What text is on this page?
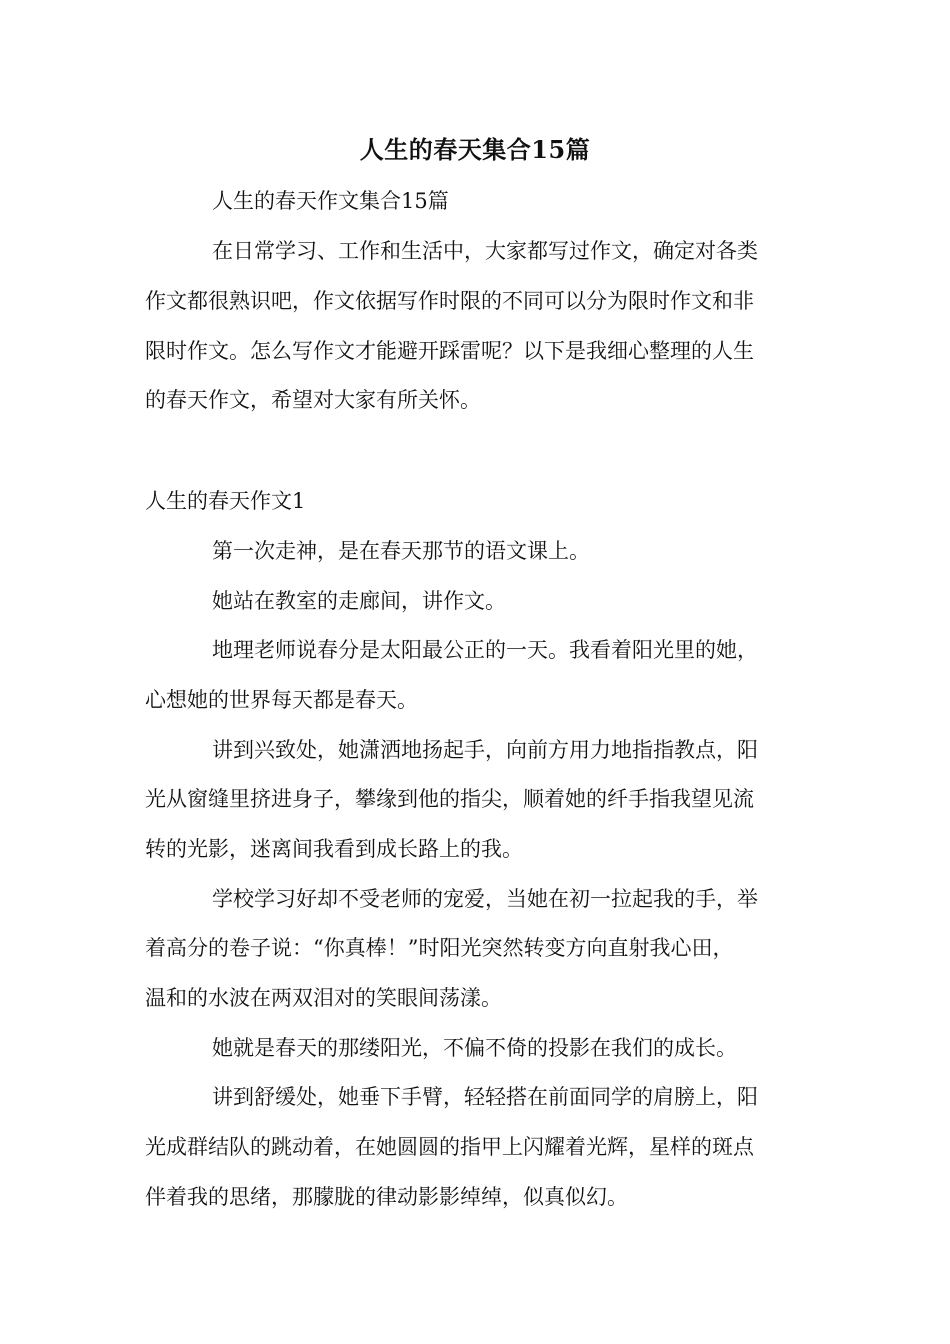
人生的春天集合15篇
人生的春天作文集合15篇
在日常学习、工作和生活中，大家都写过作文，确定对各类
作文都很熟识吧，作文依据写作时限的不同可以分为限时作文和非
限时作文。怎么写作文才能避开踩雷呢？以下是我细心整理的人生
的春天作文，希望对大家有所关怀。
人生的春天作文1
第一次走神，是在春天那节的语文课上。
她站在教室的走廊间，讲作文。
地理老师说春分是太阳最公正的一天。我看着阳光里的她，
心想她的世界每天都是春天。
讲到兴致处，她潇洒地扬起手，向前方用力地指指教点，阳
光从窗缝里挤进身子，攀缘到他的指尖，顺着她的纤手指我望见流
转的光影，迷离间我看到成长路上的我。
学校学习好却不受老师的宠爱，当她在初一拉起我的手，举
着高分的卷子说：“你真棒！”时阳光突然转变方向直射我心田，
温和的水波在两双泪对的笑眼间荡漾。
她就是春天的那缕阳光，不偏不倚的投影在我们的成长。
讲到舒缓处，她垂下手臂，轻轻搭在前面同学的肩膀上，阳
光成群结队的跳动着，在她圆圆的指甲上闪耀着光辉，星样的斑点
伴着我的思绪，那朦胧的律动影影绰绰，似真似幻。
